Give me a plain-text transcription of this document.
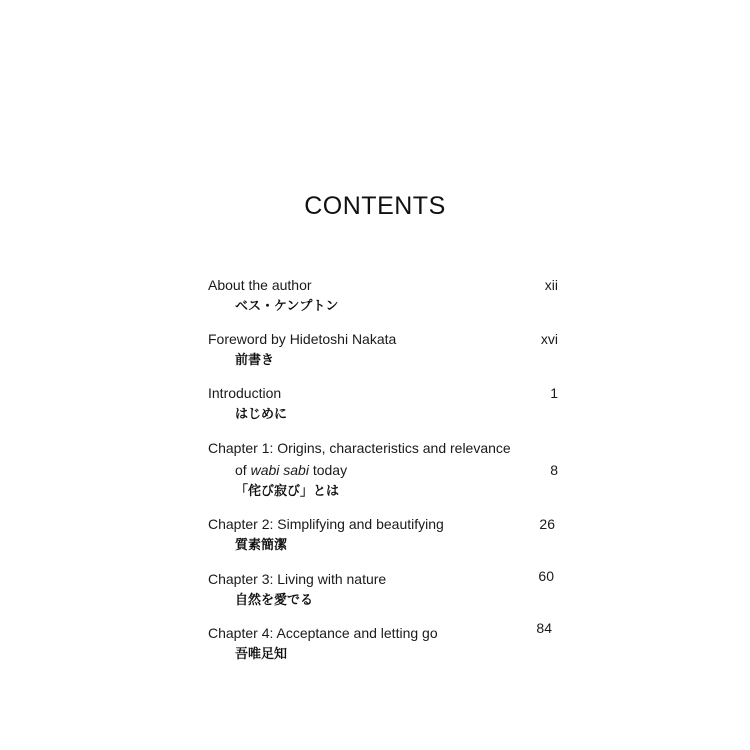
CONTENTS
About the author
ベス・ケンプトン
xii
Foreword by Hidetoshi Nakata
前書き
xvi
Introduction
はじめに
1
Chapter 1: Origins, characteristics and relevance
of wabi sabi today
「侘び寂び」とは
8
Chapter 2: Simplifying and beautifying
質素簡潔
26
Chapter 3: Living with nature
自然を愛でる
60
Chapter 4: Acceptance and letting go
吾唯足知
84
